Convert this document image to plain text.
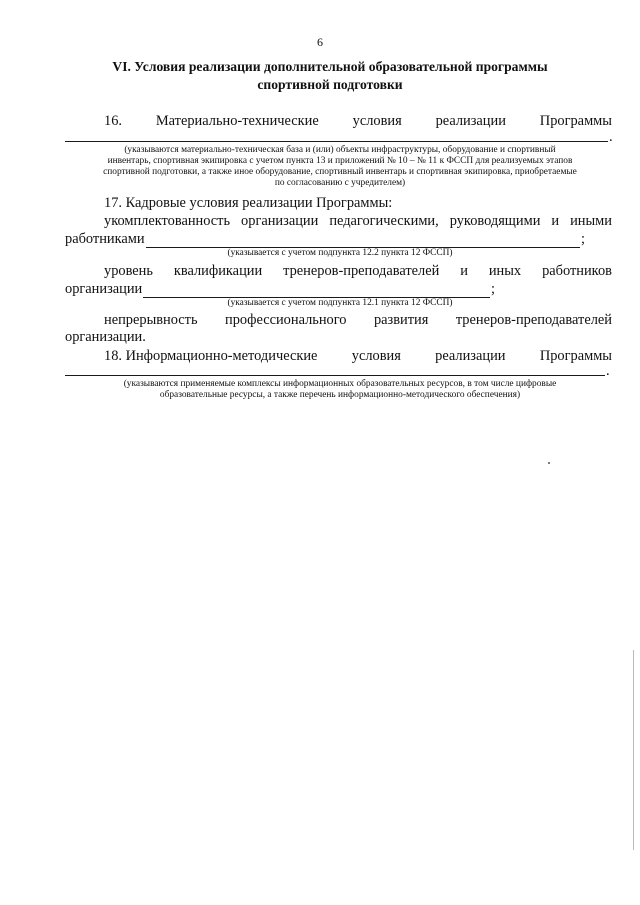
6
VI. Условия реализации дополнительной образовательной программы
спортивной подготовки
16. Материально-технические условия реализации Программы
.
(указываются материально-техническая база и (или) объекты инфраструктуры, оборудование и спортивный
инвентарь, спортивная экипировка с учетом пункта 13 и приложений № 10 – № 11 к ФССП для реализуемых этапов
спортивной подготовки, а также иное оборудование, спортивный инвентарь и спортивная экипировка, приобретаемые
по согласованию с учредителем)
17. Кадровые условия реализации Программы:
укомплектованность организации педагогическими, руководящими и иными
работниками	;
(указывается с учетом подпункта 12.2 пункта 12 ФССП)
уровень квалификации тренеров-преподавателей и иных работников
организации	;
(указывается с учетом подпункта 12.1 пункта 12 ФССП)
непрерывность профессионального развития тренеров-преподавателей
организации.
18. Информационно-методические условия реализации Программы
.
(указываются применяемые комплексы информационных образовательных ресурсов, в том числе цифровые
образовательные ресурсы, а также перечень информационно-методического обеспечения)
